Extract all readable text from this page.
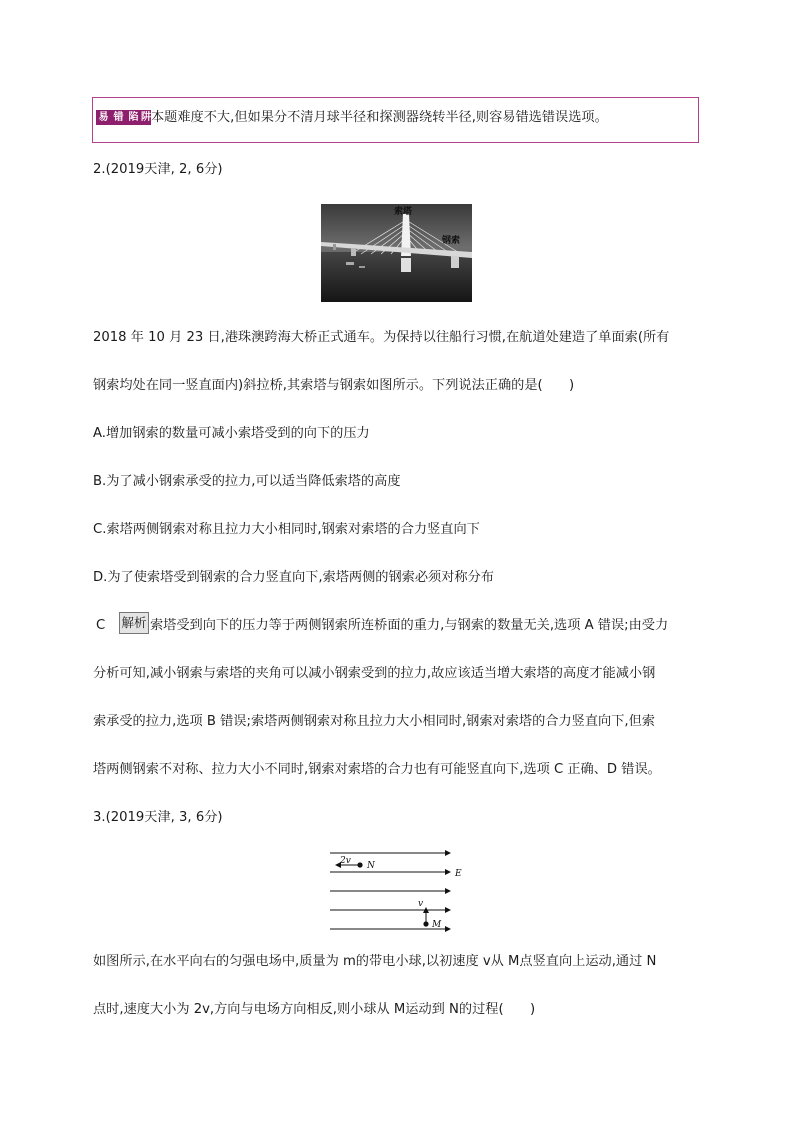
易 错 陷 阱 本题难度不大,但如果分不清月球半径和探测器绕转半径,则容易错选错误选项。
2.(2019天津, 2, 6分)
索塔
钢索
2018 年 10 月 23 日,港珠澳跨海大桥正式通车。为保持以往船行习惯,在航道处建造了单面索(所有
钢索均处在同一竖直面内)斜拉桥,其索塔与钢索如图所示。下列说法正确的是(　　)
A.增加钢索的数量可减小索塔受到的向下的压力
B.为了减小钢索承受的拉力,可以适当降低索塔的高度
C.索塔两侧钢索对称且拉力大小相同时,钢索对索塔的合力竖直向下
D.为了使索塔受到钢索的合力竖直向下,索塔两侧的钢索必须对称分布
C 解析 索塔受到向下的压力等于两侧钢索所连桥面的重力,与钢索的数量无关,选项 A 错误;由受力
分析可知,减小钢索与索塔的夹角可以减小钢索受到的拉力,故应该适当增大索塔的高度才能减小钢
索承受的拉力,选项 B 错误;索塔两侧钢索对称且拉力大小相同时,钢索对索塔的合力竖直向下,但索
塔两侧钢索不对称、拉力大小不同时,钢索对索塔的合力也有可能竖直向下,选项 C 正确、D 错误。
3.(2019天津, 3, 6分)
2v N
E
v
M
如图所示,在水平向右的匀强电场中,质量为 m的带电小球,以初速度 v从 M点竖直向上运动,通过 N
点时,速度大小为 2v,方向与电场方向相反,则小球从 M运动到 N的过程(　　)
